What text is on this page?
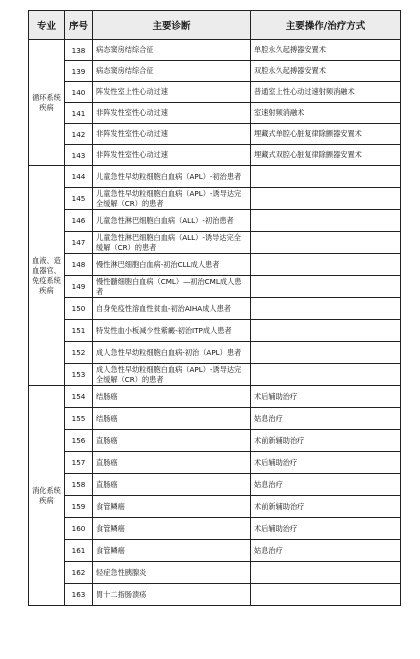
专业	序号	主要诊断	主要操作/治疗方式
循环系统疾病	138	病态窦房结综合征	单腔永久起搏器安置术
	139	病态窦房结综合征	双腔永久起搏器安置术
	140	阵发性室上性心动过速	普通室上性心动过速射频消融术
	141	非阵发性室性心动过速	室速射频消融术
	142	非阵发性室性心动过速	埋藏式单腔心脏复律除颤器安置术
	143	非阵发性室性心动过速	埋藏式双腔心脏复律除颤器安置术
血液、造血器官、免疫系统疾病	144	儿童急性早幼粒细胞白血病（APL）-初治患者	
	145	儿童急性早幼粒细胞白血病（APL）-诱导达完全缓解（CR）的患者	
	146	儿童急性淋巴细胞白血病（ALL）-初治患者	
	147	儿童急性淋巴细胞白血病（ALL）-诱导达完全缓解（CR）的患者	
	148	慢性淋巴细胞白血病-初治CLL成人患者	
	149	慢性髓细胞白血病（CML）—初治CML成人患者	
	150	自身免疫性溶血性贫血-初治AIHA成人患者	
	151	特发性血小板减少性紫癜-初治ITP成人患者	
	152	成人急性早幼粒细胞白血病-初治（APL）患者	
	153	成人急性早幼粒细胞白血病（APL）-诱导达完全缓解（CR）的患者	
消化系统疾病	154	结肠癌	术后辅助治疗
	155	结肠癌	姑息治疗
	156	直肠癌	术前新辅助治疗
	157	直肠癌	术后辅助治疗
	158	直肠癌	姑息治疗
	159	食管鳞癌	术前新辅助治疗
	160	食管鳞癌	术后辅助治疗
	161	食管鳞癌	姑息治疗
	162	轻症急性胰腺炎	
	163	胃十二指肠溃疡	
